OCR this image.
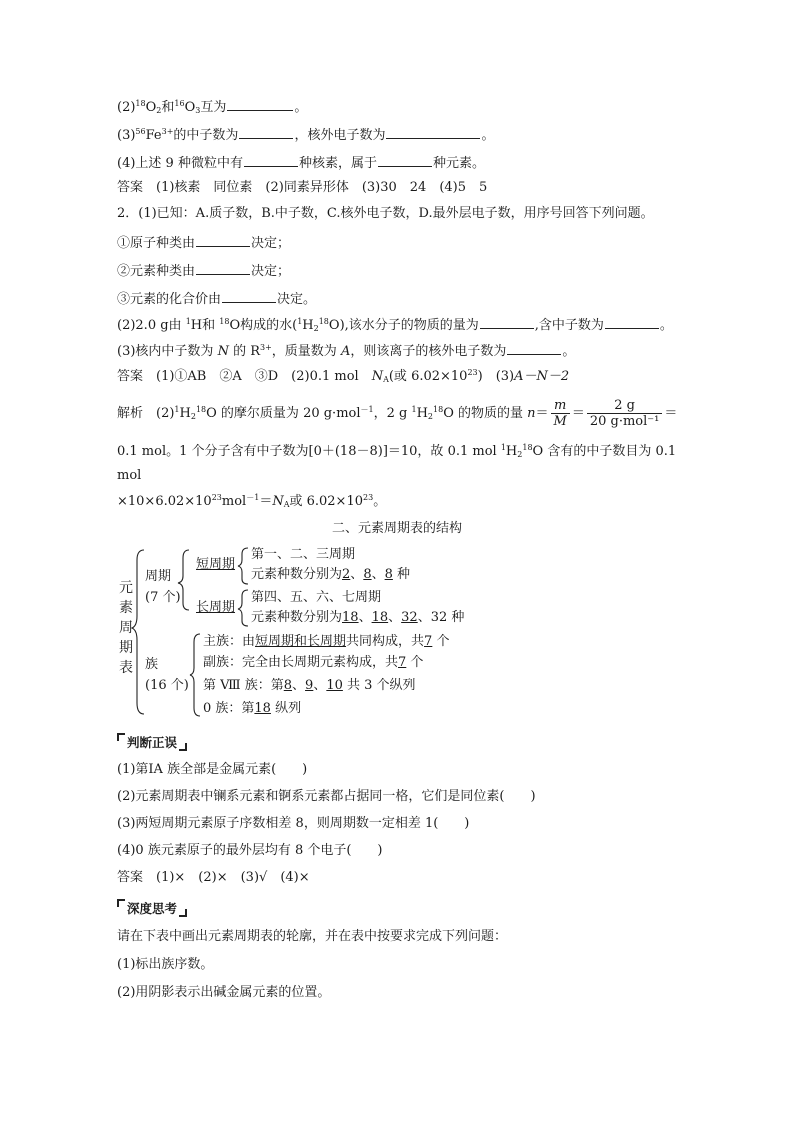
$(2)^{18}O_2$和$^{16}O_3$互为	。
$(3)^{56}Fe^{3+}$的中子数为	，核外电子数为	。
(4)上述 9 种微粒中有	种核素，属于	种元素。
答案　(1)核素　同位素　(2)同素异形体　(3)30　24　(4)5　5
2．(1)已知：A.质子数，B.中子数，C.核外电子数，D.最外层电子数，用序号回答下列问题。
①原子种类由	决定；
②元素种类由	决定；
③元素的化合价由	决定。
(2)2.0 g由 $^1$H和 $^{18}$O构成的水$(^1H_2^{18}O)$,该水分子的物质的量为	,含中子数为	。
(3)核内中子数为 N 的 $R^{3+}$，质量数为 A，则该离子的核外电子数为	。
答案　(1)①AB　②A　③D　(2)0.1 mol　$N_A$(或 $6.02\times 10^{23}$)　(3)A－N－2
解析　$(2)^1H_2^{18}O$ 的摩尔质量为 20 g·mol$^{-1}$，2 g $^1H_2^{18}O$ 的物质的量 $n= \frac{m}{M} = \frac{2 g}{\text{20 g·mol⁻¹}}$ ＝
0.1 mol。1 个分子含有中子数为[0＋(18－8)]＝10，故 0.1 mol $^1H_2^{18}O$ 含有的中子数目为 0.1
mol
$\times 10\times 6.02\times 10^{23}mol^{-1}=N_A$或 $6.02\times 10^{23}$。
二、元素周期表的结构
元
素
周
期
表
周期
(7 个)
短周期
第一、二、三周期
元素种数分别为2、8、8 种
长周期
第四、五、六、七周期
元素种数分别为18、18、32、32 种
族
(16 个)
主族：由短周期和长周期共同构成，共7 个
副族：完全由长周期元素构成，共7 个
第 Ⅷ 族：第8、9、10 共 3 个纵列
0 族：第18 纵列
判断正误
(1)第ⅠA 族全部是金属元素(　　)
(2)元素周期表中镧系元素和锕系元素都占据同一格，它们是同位素(　　)
(3)两短周期元素原子序数相差 8，则周期数一定相差 1(　　)
(4)0 族元素原子的最外层均有 8 个电子(　　)
答案　(1)×　(2)×　(3)√　(4)×
深度思考
请在下表中画出元素周期表的轮廓，并在表中按要求完成下列问题：
(1)标出族序数。
(2)用阴影表示出碱金属元素的位置。
